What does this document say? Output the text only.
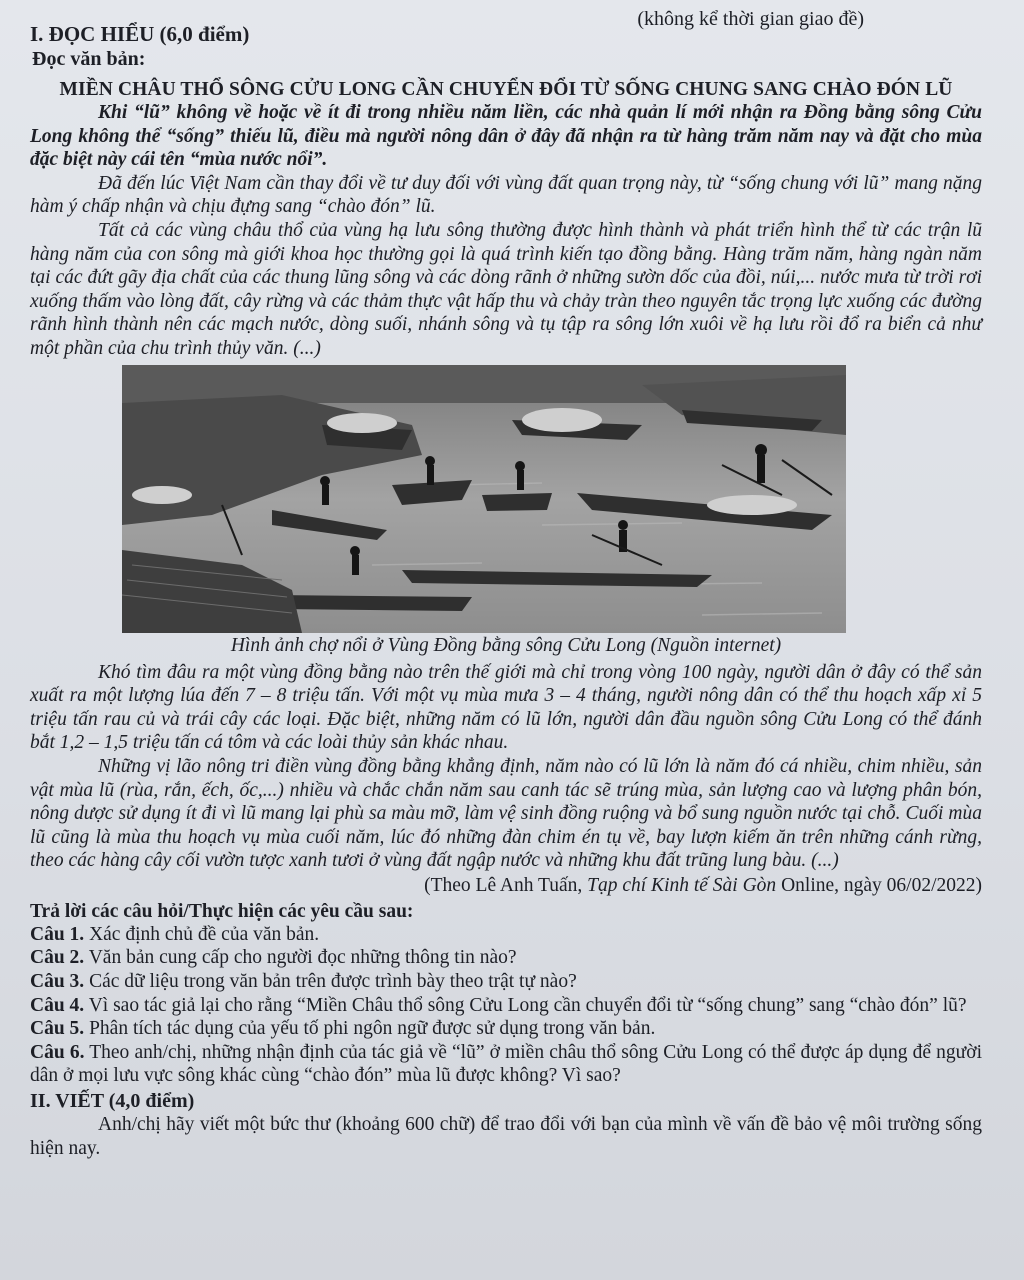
I. ĐỌC HIỂU (6,0 điểm)
(không kể thời gian giao đề)
Đọc văn bản:
MIỀN CHÂU THỔ SÔNG CỬU LONG CẦN CHUYỂN ĐỔI TỪ SỐNG CHUNG SANG CHÀO ĐÓN LŨ

Khi “lũ” không về hoặc về ít đi trong nhiều năm liền, các nhà quản lí mới nhận ra Đồng bằng sông Cửu Long không thể “sống” thiếu lũ, điều mà người nông dân ở đây đã nhận ra từ hàng trăm năm nay và đặt cho mùa đặc biệt này cái tên “mùa nước nổi”.

Đã đến lúc Việt Nam cần thay đổi về tư duy đối với vùng đất quan trọng này, từ “sống chung với lũ” mang nặng hàm ý chấp nhận và chịu đựng sang “chào đón” lũ.

Tất cả các vùng châu thổ của vùng hạ lưu sông thường được hình thành và phát triển hình thể từ các trận lũ hàng năm của con sông mà giới khoa học thường gọi là quá trình kiến tạo đồng bằng. Hàng trăm năm, hàng ngàn năm tại các đứt gãy địa chất của các thung lũng sông và các dòng rãnh ở những sườn dốc của đồi, núi,... nước mưa từ trời rơi xuống thấm vào lòng đất, cây rừng và các thảm thực vật hấp thu và chảy tràn theo nguyên tắc trọng lực xuống các đường rãnh hình thành nên các mạch nước, dòng suối, nhánh sông và tụ tập ra sông lớn xuôi về hạ lưu rồi đổ ra biển cả như một phần của chu trình thủy văn. (...)

Hình ảnh chợ nổi ở Vùng Đồng bằng sông Cửu Long (Nguồn internet)

Khó tìm đâu ra một vùng đồng bằng nào trên thế giới mà chỉ trong vòng 100 ngày, người dân ở đây có thể sản xuất ra một lượng lúa đến 7 – 8 triệu tấn. Với một vụ mùa mưa 3 – 4 tháng, người nông dân có thể thu hoạch xấp xỉ 5 triệu tấn rau củ và trái cây các loại. Đặc biệt, những năm có lũ lớn, người dân đầu nguồn sông Cửu Long có thể đánh bắt 1,2 – 1,5 triệu tấn cá tôm và các loài thủy sản khác nhau.

Những vị lão nông tri điền vùng đồng bằng khẳng định, năm nào có lũ lớn là năm đó cá nhiều, chim nhiều, sản vật mùa lũ (rùa, rắn, ếch, ốc,...) nhiều và chắc chắn năm sau canh tác sẽ trúng mùa, sản lượng cao và lượng phân bón, nông dược sử dụng ít đi vì lũ mang lại phù sa màu mỡ, làm vệ sinh đồng ruộng và bổ sung nguồn nước tại chỗ. Cuối mùa lũ cũng là mùa thu hoạch vụ mùa cuối năm, lúc đó những đàn chim én tụ về, bay lượn kiếm ăn trên những cánh rừng, theo các hàng cây cối vườn tược xanh tươi ở vùng đất ngập nước và những khu đất trũng lung bàu. (...)

(Theo Lê Anh Tuấn, Tạp chí Kinh tế Sài Gòn Online, ngày 06/02/2022)
Trả lời các câu hỏi/Thực hiện các yêu cầu sau:

Câu 1. Xác định chủ đề của văn bản.

Câu 2. Văn bản cung cấp cho người đọc những thông tin nào?

Câu 3. Các dữ liệu trong văn bản trên được trình bày theo trật tự nào?

Câu 4. Vì sao tác giả lại cho rằng “Miền Châu thổ sông Cửu Long cần chuyển đổi từ “sống chung” sang “chào đón” lũ?

Câu 5. Phân tích tác dụng của yếu tố phi ngôn ngữ được sử dụng trong văn bản.

Câu 6. Theo anh/chị, những nhận định của tác giả về “lũ” ở miền châu thổ sông Cửu Long có thể được áp dụng để người dân ở mọi lưu vực sông khác cùng “chào đón” mùa lũ được không? Vì sao?

II. VIẾT (4,0 điểm)

Anh/chị hãy viết một bức thư (khoảng 600 chữ) để trao đổi với bạn của mình về vấn đề bảo vệ môi trường sống hiện nay.
